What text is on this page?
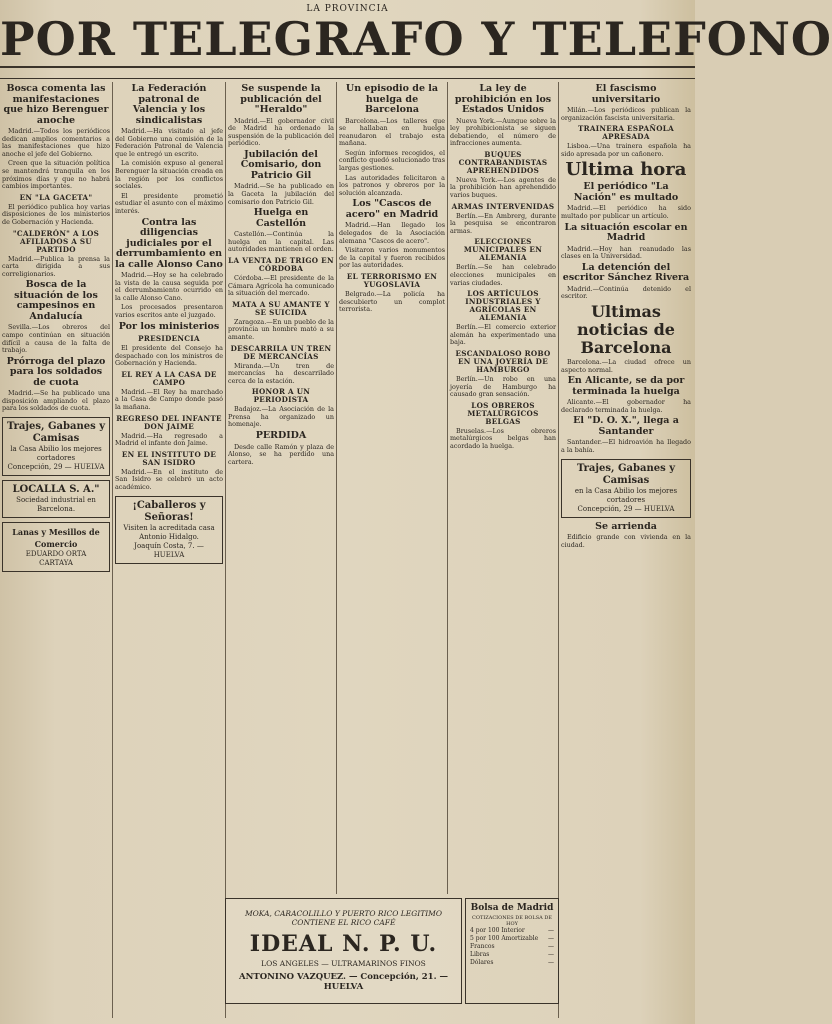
LA PROVINCIA
POR TELEGRAFO Y TELEFONO
Bosca comenta las manifestaciones que hizo Berenguer anoche

Madrid.—Todos los periódicos dedican amplios comentarios a las manifestaciones que hizo anoche el jefe del Gobierno.

Creen que la situación política se mantendrá tranquila en los próximos días y que no habrá cambios importantes.

EN "LA GACETA"

El periódico publica hoy varias disposiciones de los ministerios de Gobernación y Hacienda.

"CALDERÓN" A LOS AFILIADOS A SU PARTIDO

Madrid.—Publica la prensa la carta dirigida a sus correligionarios.

Bosca de la situación de los campesinos en Andalucía

Sevilla.—Los obreros del campo continúan en situación difícil a causa de la falta de trabajo.

Prórroga del plazo para los soldados de cuota

Madrid.—Se ha publicado una disposición ampliando el plazo para los soldados de cuota.

Trajes, Gabanes y Camisas
la Casa Abilio los mejores cortadores
Concepción, 29 — HUELVA
LOCALLA S. A."
Sociedad industrial en Barcelona.
Lanas y Mesillos de Comercio
EDUARDO ORTA
CARTAYA
La Federación patronal de Valencia y los sindicalistas

Madrid.—Ha visitado al jefe del Gobierno una comisión de la Federación Patronal de Valencia que le entregó un escrito.

La comisión expuso al general Berenguer la situación creada en la región por los conflictos sociales.

El presidente prometió estudiar el asunto con el máximo interés.

Contra las diligencias judiciales por el derrumbamiento en la calle Alonso Cano

Madrid.—Hoy se ha celebrado la vista de la causa seguida por el derrumbamiento ocurrido en la calle Alonso Cano.

Los procesados presentaron varios escritos ante el juzgado.

Por los ministerios
PRESIDENCIA

El presidente del Consejo ha despachado con los ministros de Gobernación y Hacienda.

EL REY A LA CASA DE CAMPO

Madrid.—El Rey ha marchado a la Casa de Campo donde pasó la mañana.

REGRESO DEL INFANTE DON JAIME

Madrid.—Ha regresado a Madrid el infante don Jaime.

EN EL INSTITUTO DE SAN ISIDRO

Madrid.—En el instituto de San Isidro se celebró un acto académico.

¡Caballeros y Señoras!
Visiten la acreditada casa Antonio Hidalgo.
Joaquín Costa, 7. — HUELVA
Se suspende la publicación del "Heraldo"

Madrid.—El gobernador civil de Madrid ha ordenado la suspensión de la publicación del periódico.

Jubilación del Comisario, don Patricio Gil

Madrid.—Se ha publicado en la Gaceta la jubilación del comisario don Patricio Gil.

Huelga en Castellón

Castellón.—Continúa la huelga en la capital. Las autoridades mantienen el orden.

LA VENTA DE TRIGO EN CÓRDOBA

Córdoba.—El presidente de la Cámara Agrícola ha comunicado la situación del mercado.

MATA A SU AMANTE Y SE SUICIDA

Zaragoza.—En un pueblo de la provincia un hombre mató a su amante.

DESCARRILA UN TREN DE MERCANCÍAS

Miranda.—Un tren de mercancías ha descarrilado cerca de la estación.

HONOR A UN PERIODISTA

Badajoz.—La Asociación de la Prensa ha organizado un homenaje.

PERDIDA

Desde calle Ramón y plaza de Alonso, se ha perdido una cartera.

Un episodio de la huelga de Barcelona

Barcelona.—Los talleres que se hallaban en huelga reanudaron el trabajo esta mañana.

Según informes recogidos, el conflicto quedó solucionado tras largas gestiones.

Las autoridades felicitaron a los patronos y obreros por la solución alcanzada.

Los "Cascos de acero" en Madrid

Madrid.—Han llegado los delegados de la Asociación alemana "Cascos de acero".

Visitaron varios monumentos de la capital y fueron recibidos por las autoridades.

EL TERRORISMO EN YUGOSLAVIA

Belgrado.—La policía ha descubierto un complot terrorista.

La ley de prohibición en los Estados Unidos

Nueva York.—Aunque sobre la ley prohibicionista se siguen debatiendo, el número de infracciones aumenta.

BUQUES CONTRABANDISTAS APREHENDIDOS

Nueva York.—Los agentes de la prohibición han aprehendido varios buques.

ARMAS INTERVENIDAS

Berlín.—En Ambrerg, durante la pesquisa se encontraron armas.

ELECCIONES MUNICIPALES EN ALEMANIA

Berlín.—Se han celebrado elecciones municipales en varias ciudades.

LOS ARTÍCULOS INDUSTRIALES Y AGRÍCOLAS EN ALEMANIA

Berlín.—El comercio exterior alemán ha experimentado una baja.

ESCANDALOSO ROBO EN UNA JOYERÍA DE HAMBURGO

Berlín.—Un robo en una joyería de Hamburgo ha causado gran sensación.

LOS OBREROS METALÚRGICOS BELGAS

Bruselas.—Los obreros metalúrgicos belgas han acordado la huelga.

El fascismo universitario

Milán.—Los periódicos publican la organización fascista universitaria.

TRAINERA ESPAÑOLA APRESADA

Lisboa.—Una trainera española ha sido apresada por un cañonero.

Ultima hora
El periódico "La Nación" es multado

Madrid.—El periódico ha sido multado por publicar un artículo.

La situación escolar en Madrid

Madrid.—Hoy han reanudado las clases en la Universidad.

La detención del escritor Sánchez Rivera

Madrid.—Continúa detenido el escritor.

Ultimas noticias de Barcelona

Barcelona.—La ciudad ofrece un aspecto normal.

En Alicante, se da por terminada la huelga

Alicante.—El gobernador ha declarado terminada la huelga.

El "D. O. X.", llega a Santander

Santander.—El hidroavión ha llegado a la bahía.

Trajes, Gabanes y Camisas
en la Casa Abilio los mejores cortadores
Concepción, 29 — HUELVA
Se arrienda

Edificio grande con vivienda en la ciudad.

MOKA, CARACOLILLO Y PUERTO RICO LEGITIMO
CONTIENE EL RICO CAFÉ
IDEAL N. P. U.
LOS ANGELES — ULTRAMARINOS FINOS
ANTONINO VAZQUEZ. — Concepción, 21. — HUELVA
Bolsa de Madrid
COTIZACIONES DE BOLSA DE HOY
4 por 100 Interior	—
5 por 100 Amortizable —
Francos	—
Libras	—
Dólares	—
